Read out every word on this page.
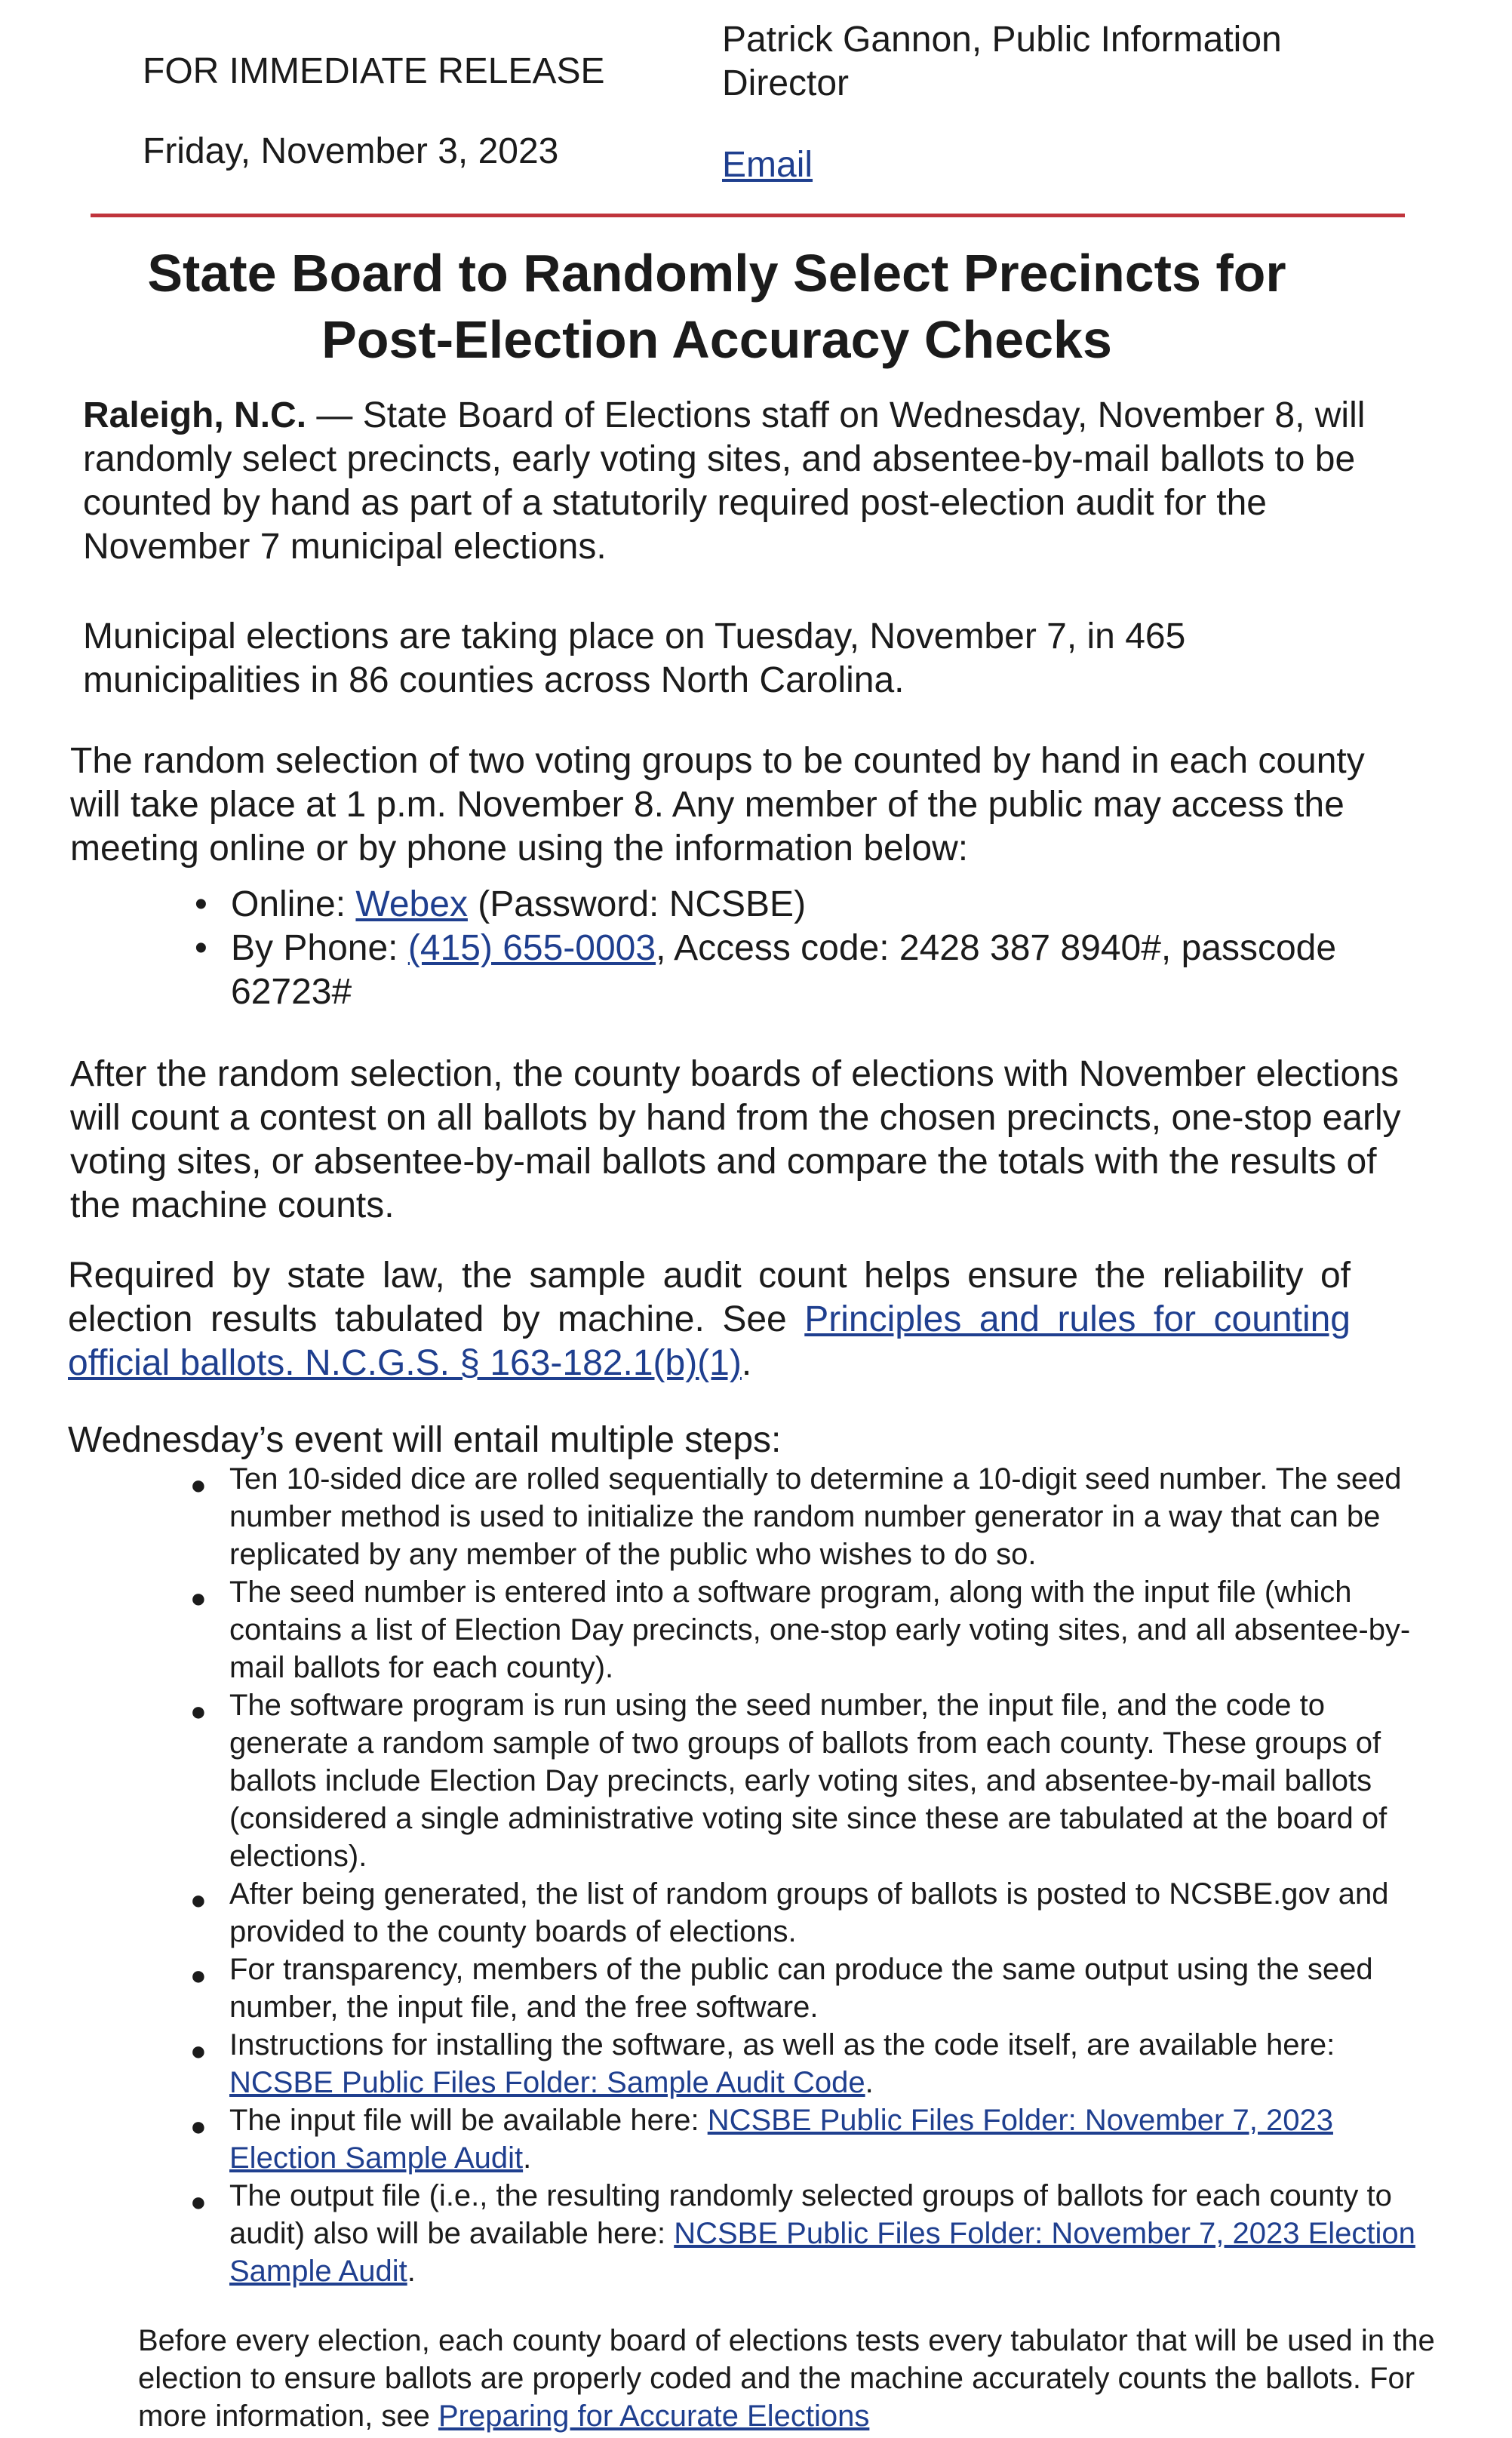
FOR IMMEDIATE RELEASE
Friday, November 3, 2023
Patrick Gannon, Public Information
Director
Email
State Board to Randomly Select Precincts for
Post-Election Accuracy Checks
Raleigh, N.C. — State Board of Elections staff on Wednesday, November 8, will randomly select precincts, early voting sites, and absentee-by-mail ballots to be counted by hand as part of a statutorily required post-election audit for the November 7 municipal elections.
Municipal elections are taking place on Tuesday, November 7, in 465 municipalities in 86 counties across North Carolina.
The random selection of two voting groups to be counted by hand in each county will take place at 1 p.m. November 8. Any member of the public may access the meeting online or by phone using the information below:
• Online: Webex (Password: NCSBE)
• By Phone: (415) 655-0003, Access code: 2428 387 8940#, passcode 62723#
After the random selection, the county boards of elections with November elections will count a contest on all ballots by hand from the chosen precincts, one-stop early voting sites, or absentee-by-mail ballots and compare the totals with the results of the machine counts.
Required by state law, the sample audit count helps ensure the reliability of election results tabulated by machine. See Principles and rules for counting official ballots. N.C.G.S. § 163-182.1(b)(1).
Wednesday’s event will entail multiple steps:
● Ten 10-sided dice are rolled sequentially to determine a 10-digit seed number. The seed number method is used to initialize the random number generator in a way that can be replicated by any member of the public who wishes to do so.
● The seed number is entered into a software program, along with the input file (which contains a list of Election Day precincts, one-stop early voting sites, and all absentee-by-mail ballots for each county).
● The software program is run using the seed number, the input file, and the code to generate a random sample of two groups of ballots from each county. These groups of ballots include Election Day precincts, early voting sites, and absentee-by-mail ballots (considered a single administrative voting site since these are tabulated at the board of elections).
● After being generated, the list of random groups of ballots is posted to NCSBE.gov and provided to the county boards of elections.
● For transparency, members of the public can produce the same output using the seed number, the input file, and the free software.
● Instructions for installing the software, as well as the code itself, are available here: NCSBE Public Files Folder: Sample Audit Code.
● The input file will be available here: NCSBE Public Files Folder: November 7, 2023 Election Sample Audit.
● The output file (i.e., the resulting randomly selected groups of ballots for each county to audit) also will be available here: NCSBE Public Files Folder: November 7, 2023 Election Sample Audit.
Before every election, each county board of elections tests every tabulator that will be used in the election to ensure ballots are properly coded and the machine accurately counts the ballots. For more information, see Preparing for Accurate Elections
